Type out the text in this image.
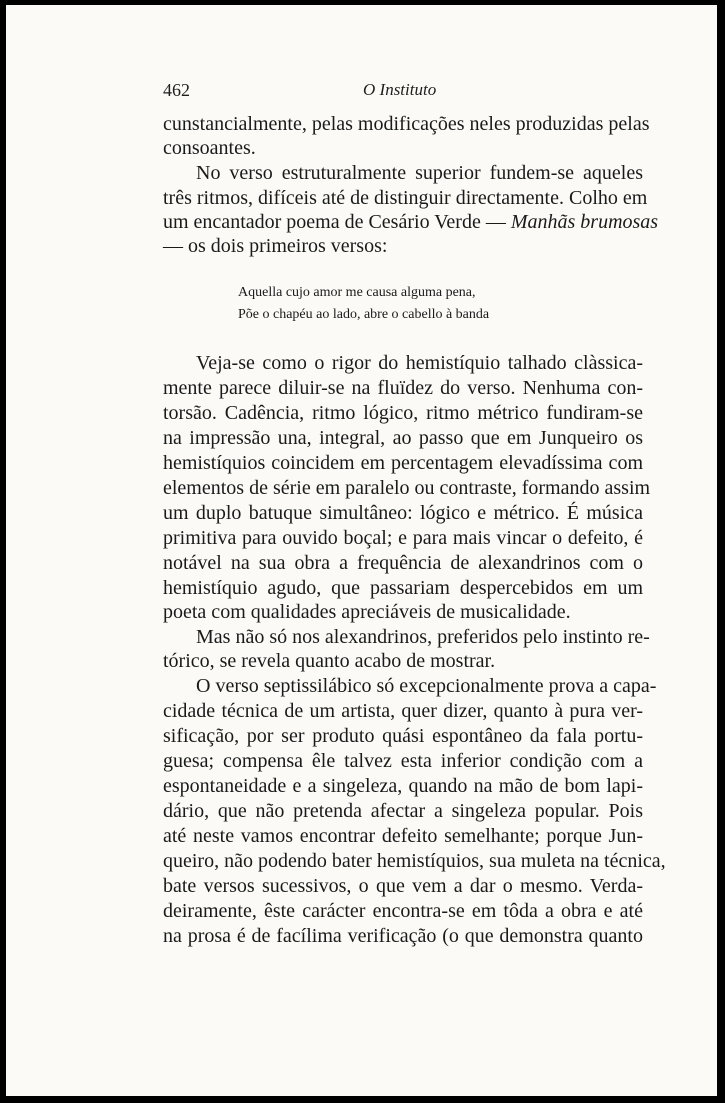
462	O Instituto
cunstancialmente, pelas modificações neles produzidas pelas
consoantes.
No verso estruturalmente superior fundem-se aqueles
três ritmos, difíceis até de distinguir directamente. Colho em
um encantador poema de Cesário Verde — Manhãs brumosas
— os dois primeiros versos:
Aquella cujo amor me causa alguma pena,
Põe o chapéu ao lado, abre o cabello à banda
Veja-se como o rigor do hemistíquio talhado clàssica-
mente parece diluir-se na fluïdez do verso. Nenhuma con-
torsão. Cadência, ritmo lógico, ritmo métrico fundiram-se
na impressão una, integral, ao passo que em Junqueiro os
hemistíquios coincidem em percentagem elevadíssima com
elementos de série em paralelo ou contraste, formando assim
um duplo batuque simultâneo: lógico e métrico. É música
primitiva para ouvido boçal; e para mais vincar o defeito, é
notável na sua obra a frequência de alexandrinos com o
hemistíquio agudo, que passariam despercebidos em um
poeta com qualidades apreciáveis de musicalidade.
Mas não só nos alexandrinos, preferidos pelo instinto re-
tórico, se revela quanto acabo de mostrar.
O verso septissilábico só excepcionalmente prova a capa-
cidade técnica de um artista, quer dizer, quanto à pura ver-
sificação, por ser produto quási espontâneo da fala portu-
guesa; compensa êle talvez esta inferior condição com a
espontaneidade e a singeleza, quando na mão de bom lapi-
dário, que não pretenda afectar a singeleza popular. Pois
até neste vamos encontrar defeito semelhante; porque Jun-
queiro, não podendo bater hemistíquios, sua muleta na técnica,
bate versos sucessivos, o que vem a dar o mesmo. Verda-
deiramente, êste carácter encontra-se em tôda a obra e até
na prosa é de facílima verificação (o que demonstra quanto
